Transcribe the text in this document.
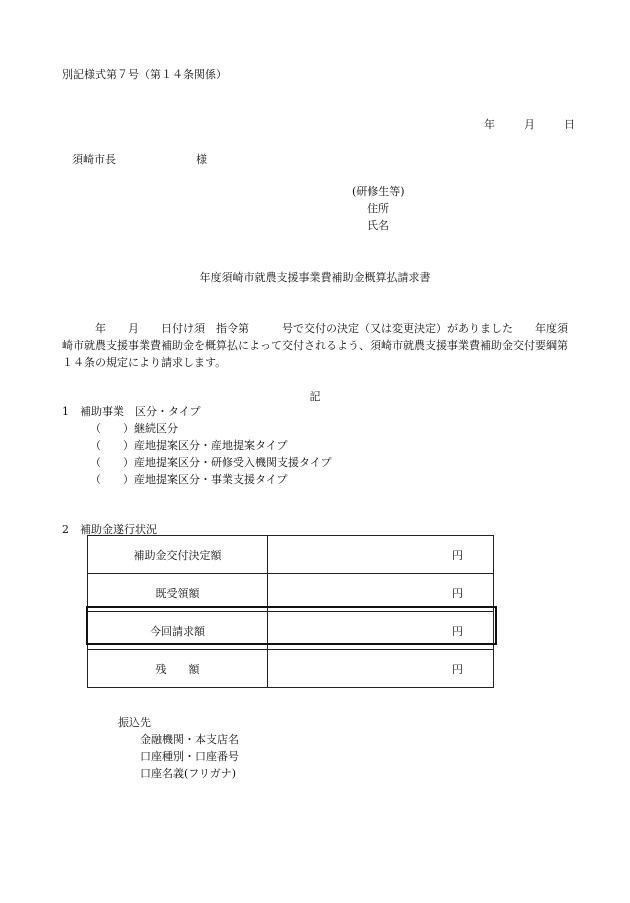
別記様式第７号（第１４条関係）
年	月	日
須崎市長	様
(研修生等)
住所
氏名
年度須崎市就農支援事業費補助金概算払請求書
　　　年　　月　　日付け須　指令第　　　号で交付の決定（又は変更決定）がありました　　年度須崎市就農支援事業費補助金を概算払によって交付されるよう、須崎市就農支援事業費補助金交付要綱第１４条の規定により請求します。
記
1　補助事業　区分・タイプ
（　　）継続区分
（　　）産地提案区分・産地提案タイプ
（　　）産地提案区分・研修受入機関支援タイプ
（　　）産地提案区分・事業支援タイプ
2　補助金遂行状況
補助金交付決定額	円
既受領額	円
今回請求額	円
残　　額	円
振込先
金融機関・本支店名
口座種別・口座番号
口座名義(フリガナ)
